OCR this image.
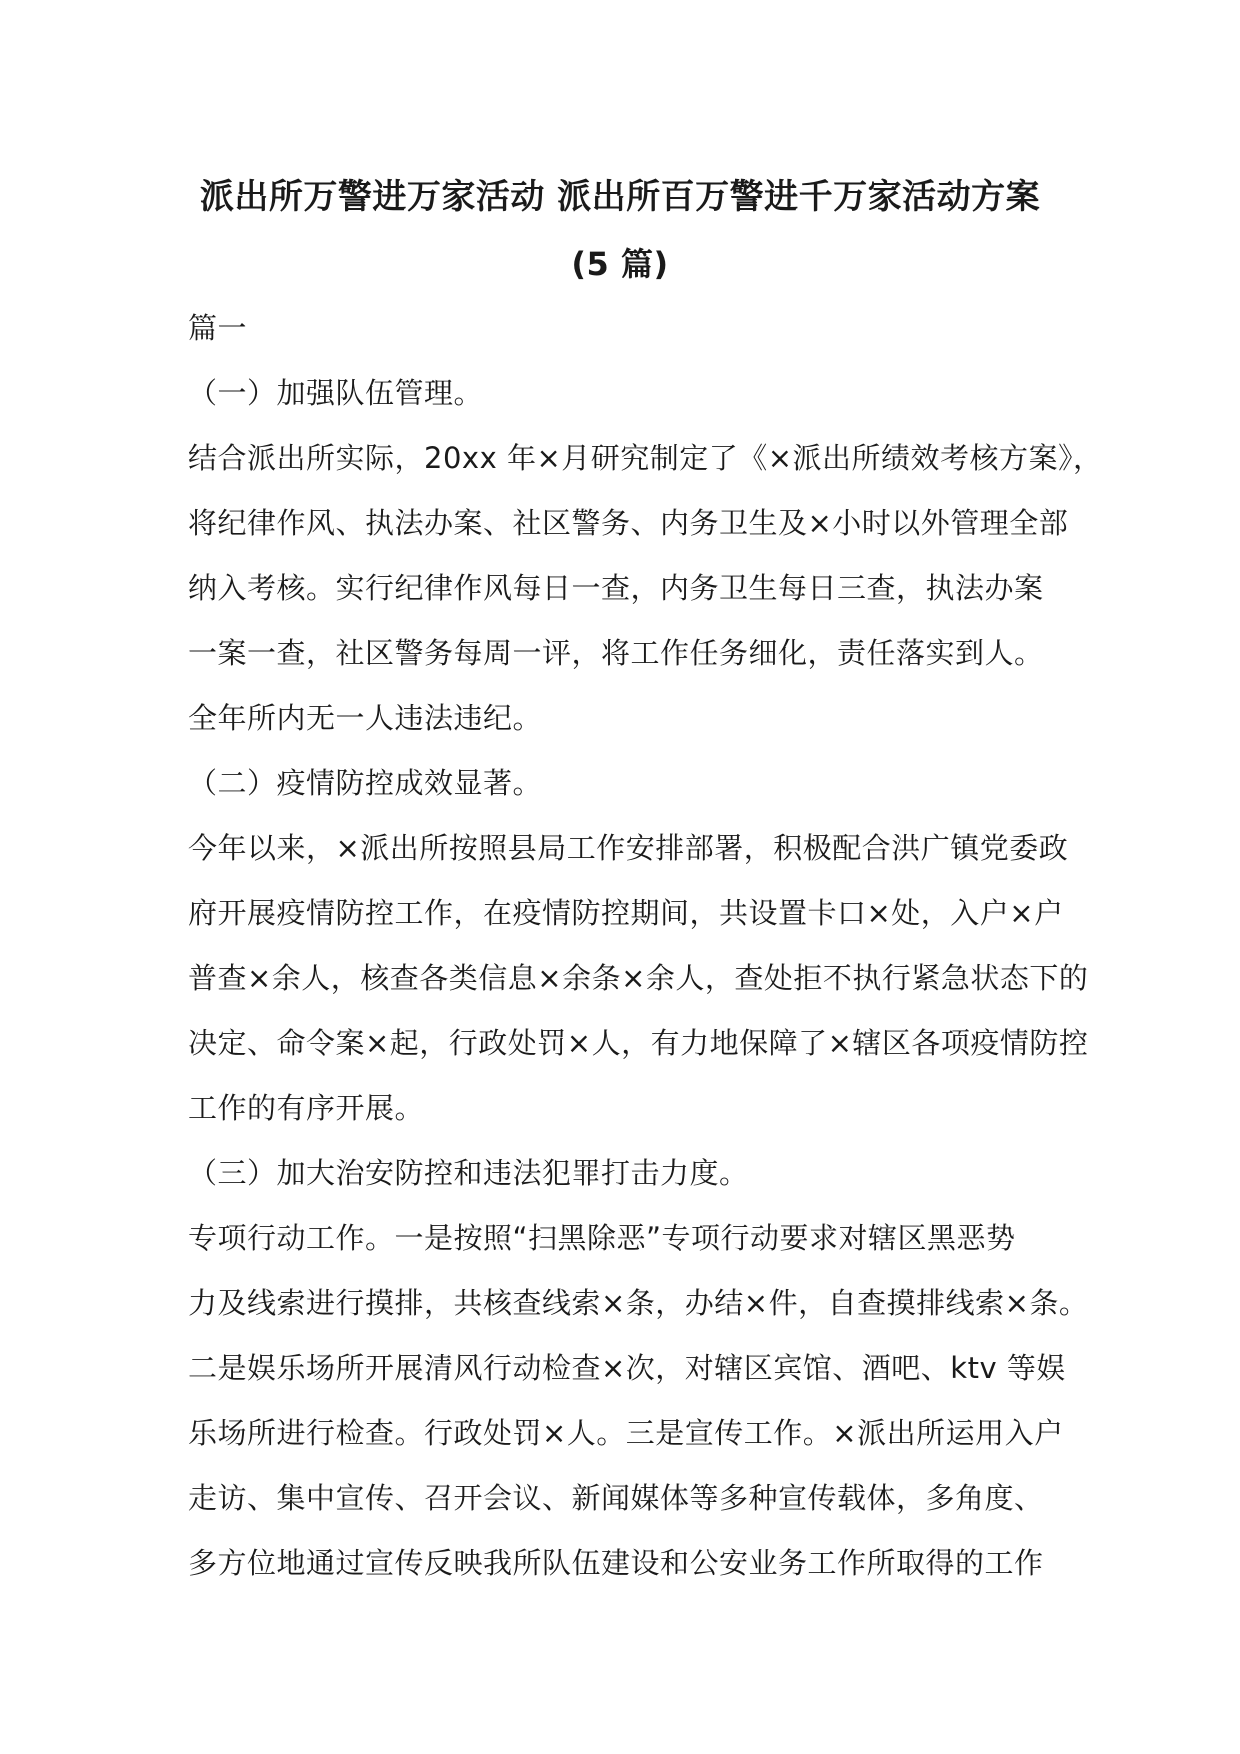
派出所万警进万家活动 派出所百万警进千万家活动方案
(5 篇)
篇一
（一）加强队伍管理。
结合派出所实际，20xx 年×月研究制定了《×派出所绩效考核方案》，
将纪律作风、执法办案、社区警务、内务卫生及×小时以外管理全部
纳入考核。实行纪律作风每日一查，内务卫生每日三查，执法办案
一案一查，社区警务每周一评，将工作任务细化，责任落实到人。
全年所内无一人违法违纪。
（二）疫情防控成效显著。
今年以来，×派出所按照县局工作安排部署，积极配合洪广镇党委政
府开展疫情防控工作，在疫情防控期间，共设置卡口×处，入户×户
普查×余人，核查各类信息×余条×余人，查处拒不执行紧急状态下的
决定、命令案×起，行政处罚×人，有力地保障了×辖区各项疫情防控
工作的有序开展。
（三）加大治安防控和违法犯罪打击力度。
专项行动工作。一是按照“扫黑除恶”专项行动要求对辖区黑恶势
力及线索进行摸排，共核查线索×条，办结×件，自查摸排线索×条。
二是娱乐场所开展清风行动检查×次，对辖区宾馆、酒吧、ktv 等娱
乐场所进行检查。行政处罚×人。三是宣传工作。×派出所运用入户
走访、集中宣传、召开会议、新闻媒体等多种宣传载体，多角度、
多方位地通过宣传反映我所队伍建设和公安业务工作所取得的工作
